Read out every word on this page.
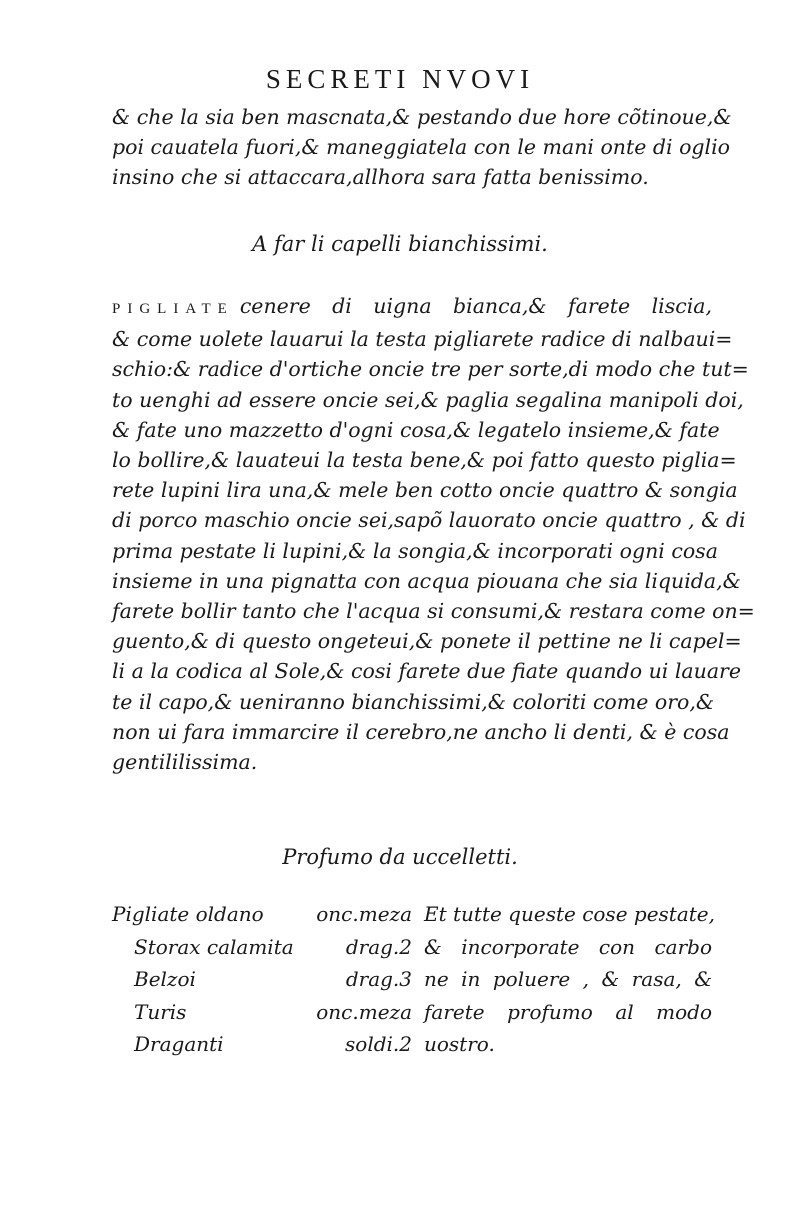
SECRETI NVOVI
& che la sia ben mascnata,& pestando due hore cõtinoue,&
poi cauatela fuori,& maneggiatela con le mani onte di oglio
insino che si attaccara,allhora sara fatta benissimo.
A far li capelli bianchissimi.
PIGLIATE cenere di uigna bianca,& farete liscia,
& come uolete lauarui la testa pigliarete radice di nalbaui=
schio:& radice d'ortiche oncie tre per sorte,di modo che tut=
to uenghi ad essere oncie sei,& paglia segalina manipoli doi,
& fate uno mazzetto d'ogni cosa,& legatelo insieme,& fate
lo bollire,& lauateui la testa bene,& poi fatto questo piglia=
rete lupini lira una,& mele ben cotto oncie quattro & songia
di porco maschio oncie sei,sapõ lauorato oncie quattro , & di
prima pestate li lupini,& la songia,& incorporati ogni cosa
insieme in una pignatta con acqua piouana che sia liquida,&
farete bollir tanto che l'acqua si consumi,& restara come on=
guento,& di questo ongeteui,& ponete il pettine ne li capel=
li a la codica al Sole,& cosi farete due fiate quando ui lauare
te il capo,& ueniranno bianchissimi,& coloriti come oro,&
non ui fara immarcire il cerebro,ne ancho li denti, & è cosa
gentililissima.
Profumo da uccelletti.
Pigliate oldano	onc.meza Et tutte queste cose pestate,
Storax calamita	drag.2 & incorporate con carbo
Belzoi	drag.3 ne in poluere , & rasa, &
Turis	onc.meza farete profumo al modo
Draganti	soldi.2 uostro.
